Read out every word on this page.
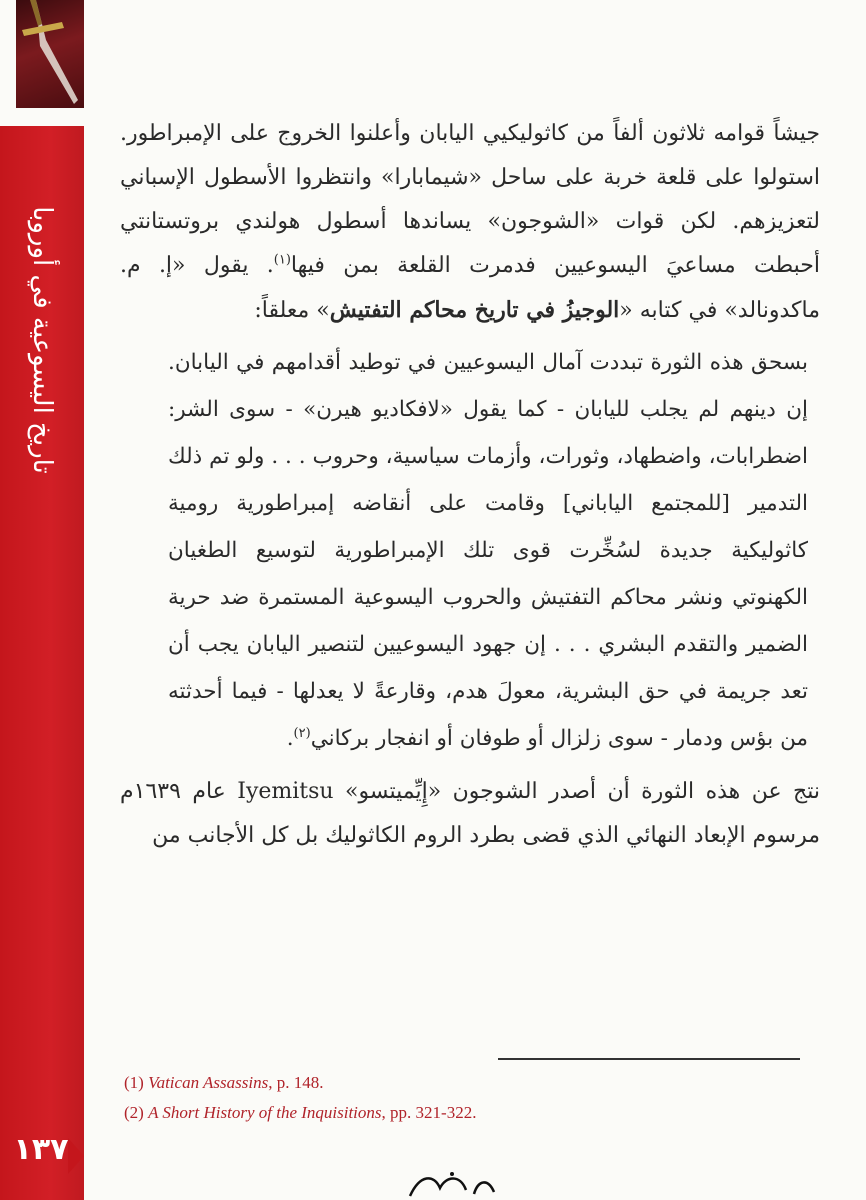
تاريخ اليسوعية في أوروبا
١٣٧

جيشاً قوامه ثلاثون ألفاً من كاثوليكيي اليابان وأعلنوا الخروج على الإمبراطور. استولوا على قلعة خربة على ساحل «شيمابارا» وانتظروا الأسطول الإسباني لتعزيزهم. لكن قوات «الشوجون» يساندها أسطول هولندي بروتستانتي أحبطت مساعيَ اليسوعيين فدمرت القلعة بمن فيها$^{(١)}$. يقول «إ. م. ماكدونالد» في كتابه «الوجيزُ في تاريخ محاكم التفتيش» معلقاً:

بسحق هذه الثورة تبددت آمال اليسوعيين في توطيد أقدامهم في اليابان. إن دينهم لم يجلب لليابان - كما يقول «لافكاديو هيرن» - سوى الشر: اضطرابات، واضطهاد، وثورات، وأزمات سياسية، وحروب . . . ولو تم ذلك التدمير [للمجتمع الياباني] وقامت على أنقاضه إمبراطورية رومية كاثوليكية جديدة لسُخِّرت قوى تلك الإمبراطورية لتوسيع الطغيان الكهنوتي ونشر محاكم التفتيش والحروب اليسوعية المستمرة ضد حرية الضمير والتقدم البشري . . . إن جهود اليسوعيين لتنصير اليابان يجب أن تعد جريمة في حق البشرية، معولَ هدم، وقارعةً لا يعدلها - فيما أحدثته من بؤس ودمار - سوى زلزال أو طوفان أو انفجار بركاني$^{(٢)}$.

نتج عن هذه الثورة أن أصدر الشوجون «إِيِّميتسو» Iyemitsu عام ١٦٣٩م مرسوم الإبعاد النهائي الذي قضى بطرد الروم الكاثوليك بل كل الأجانب من

(1) Vatican Assassins, p. 148.
(2) A Short History of the Inquisitions, pp. 321-322.
